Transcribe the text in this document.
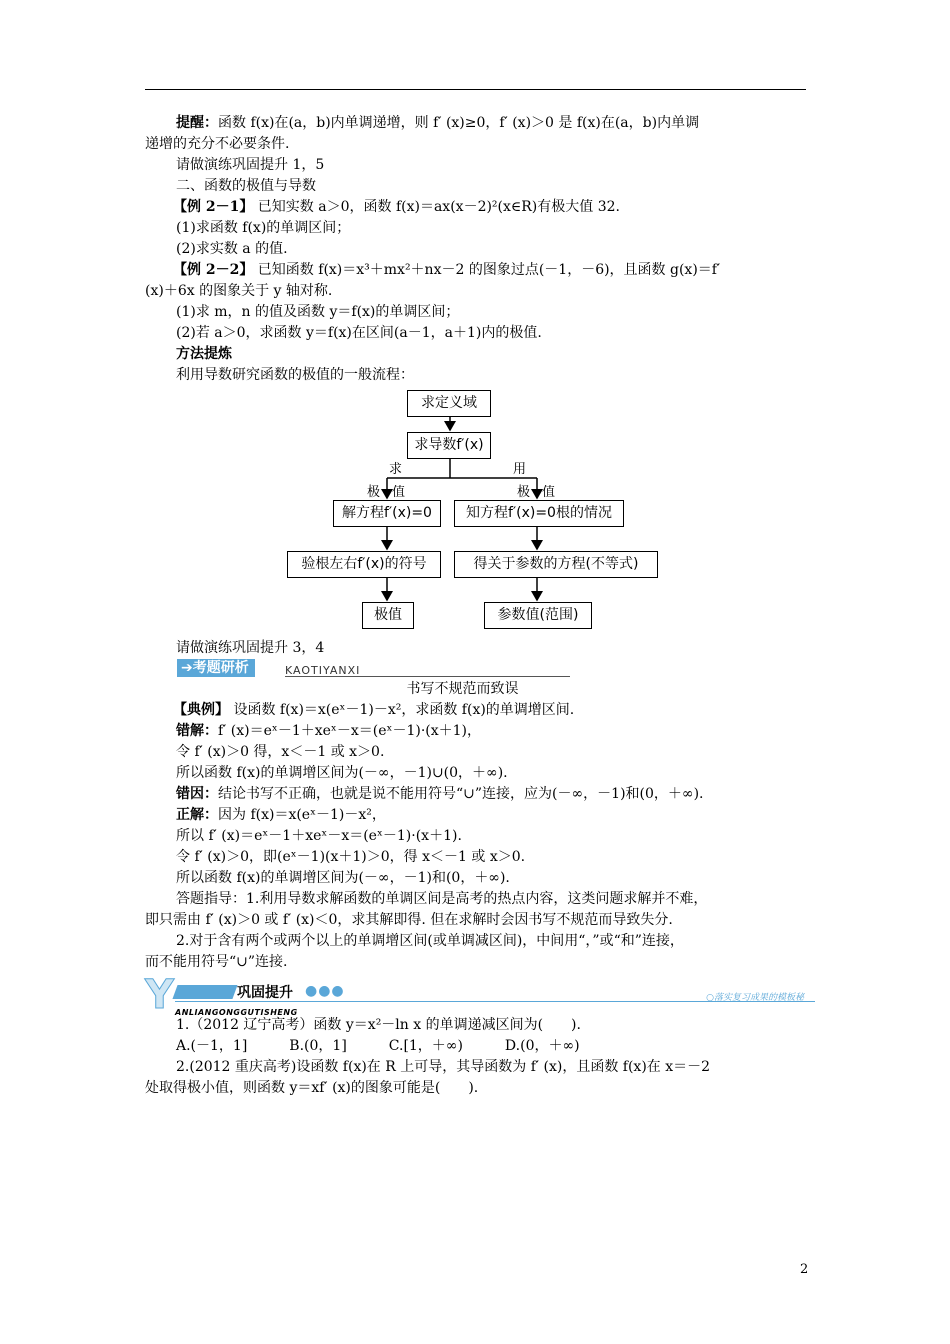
提醒：函数 f(x)在(a，b)内单调递增，则 f′ (x)≥0，f′ (x)＞0 是 f(x)在(a，b)内单调

递增的充分不必要条件.

请做演练巩固提升 1，5

二、函数的极值与导数

【例 2－1】 已知实数 a＞0，函数 f(x)＝ax(x－2)²(x∈R)有极大值 32.

(1)求函数 f(x)的单调区间；

(2)求实数 a 的值.

【例 2－2】 已知函数 f(x)＝x³＋mx²＋nx－2 的图象过点(－1，－6)，且函数 g(x)＝f′

(x)＋6x 的图象关于 y 轴对称.

(1)求 m，n 的值及函数 y＝f(x)的单调区间；

(2)若 a＞0，求函数 y＝f(x)在区间(a－1，a＋1)内的极值.

方法提炼

利用导数研究函数的极值的一般流程：

求定义域
求导数f′(x)
求	用
极 值	极 值
解方程f′(x)=0	知方程f′(x)=0根的情况
验根左右f′(x)的符号	得关于参数的方程(不等式)
极值	参数值(范围)

请做演练巩固提升 3，4

➔考题研析	KAOTIYANXI

书写不规范而致误

【典例】 设函数 f(x)＝x(eˣ－1)－x²，求函数 f(x)的单调增区间.

错解：f′ (x)＝eˣ－1＋xeˣ－x＝(eˣ－1)·(x＋1)，

令 f′ (x)＞0 得，x＜－1 或 x＞0.

所以函数 f(x)的单调增区间为(－∞，－1)∪(0，＋∞).

错因：结论书写不正确，也就是说不能用符号“∪”连接，应为(－∞，－1)和(0，＋∞).

正解：因为 f(x)＝x(eˣ－1)－x²，

所以 f′ (x)＝eˣ－1＋xeˣ－x＝(eˣ－1)·(x＋1).

令 f′ (x)＞0，即(eˣ－1)(x＋1)＞0，得 x＜－1 或 x＞0.

所以函数 f(x)的单调增区间为(－∞，－1)和(0，＋∞).

答题指导：1.利用导数求解函数的单调区间是高考的热点内容，这类问题求解并不难，

即只需由 f′ (x)＞0 或 f′ (x)＜0，求其解即得. 但在求解时会因书写不规范而导致失分.

2.对于含有两个或两个以上的单调增区间(或单调减区间)，中间用“，”或“和”连接，

而不能用符号“∪”连接.

Y	巩固提升 ●●●	○落实复习成果的模板秘
ANLIANGONGGUTISHENG

1.（2012 辽宁高考）函数 y＝x²－ln x 的单调递减区间为(　　).

A.(－1，1]　　　B.(0，1]　　　C.[1，＋∞)　　　D.(0，＋∞)

2.(2012 重庆高考)设函数 f(x)在 R 上可导，其导函数为 f′ (x)，且函数 f(x)在 x＝－2

处取得极小值，则函数 y＝xf′ (x)的图象可能是(　　).

2
